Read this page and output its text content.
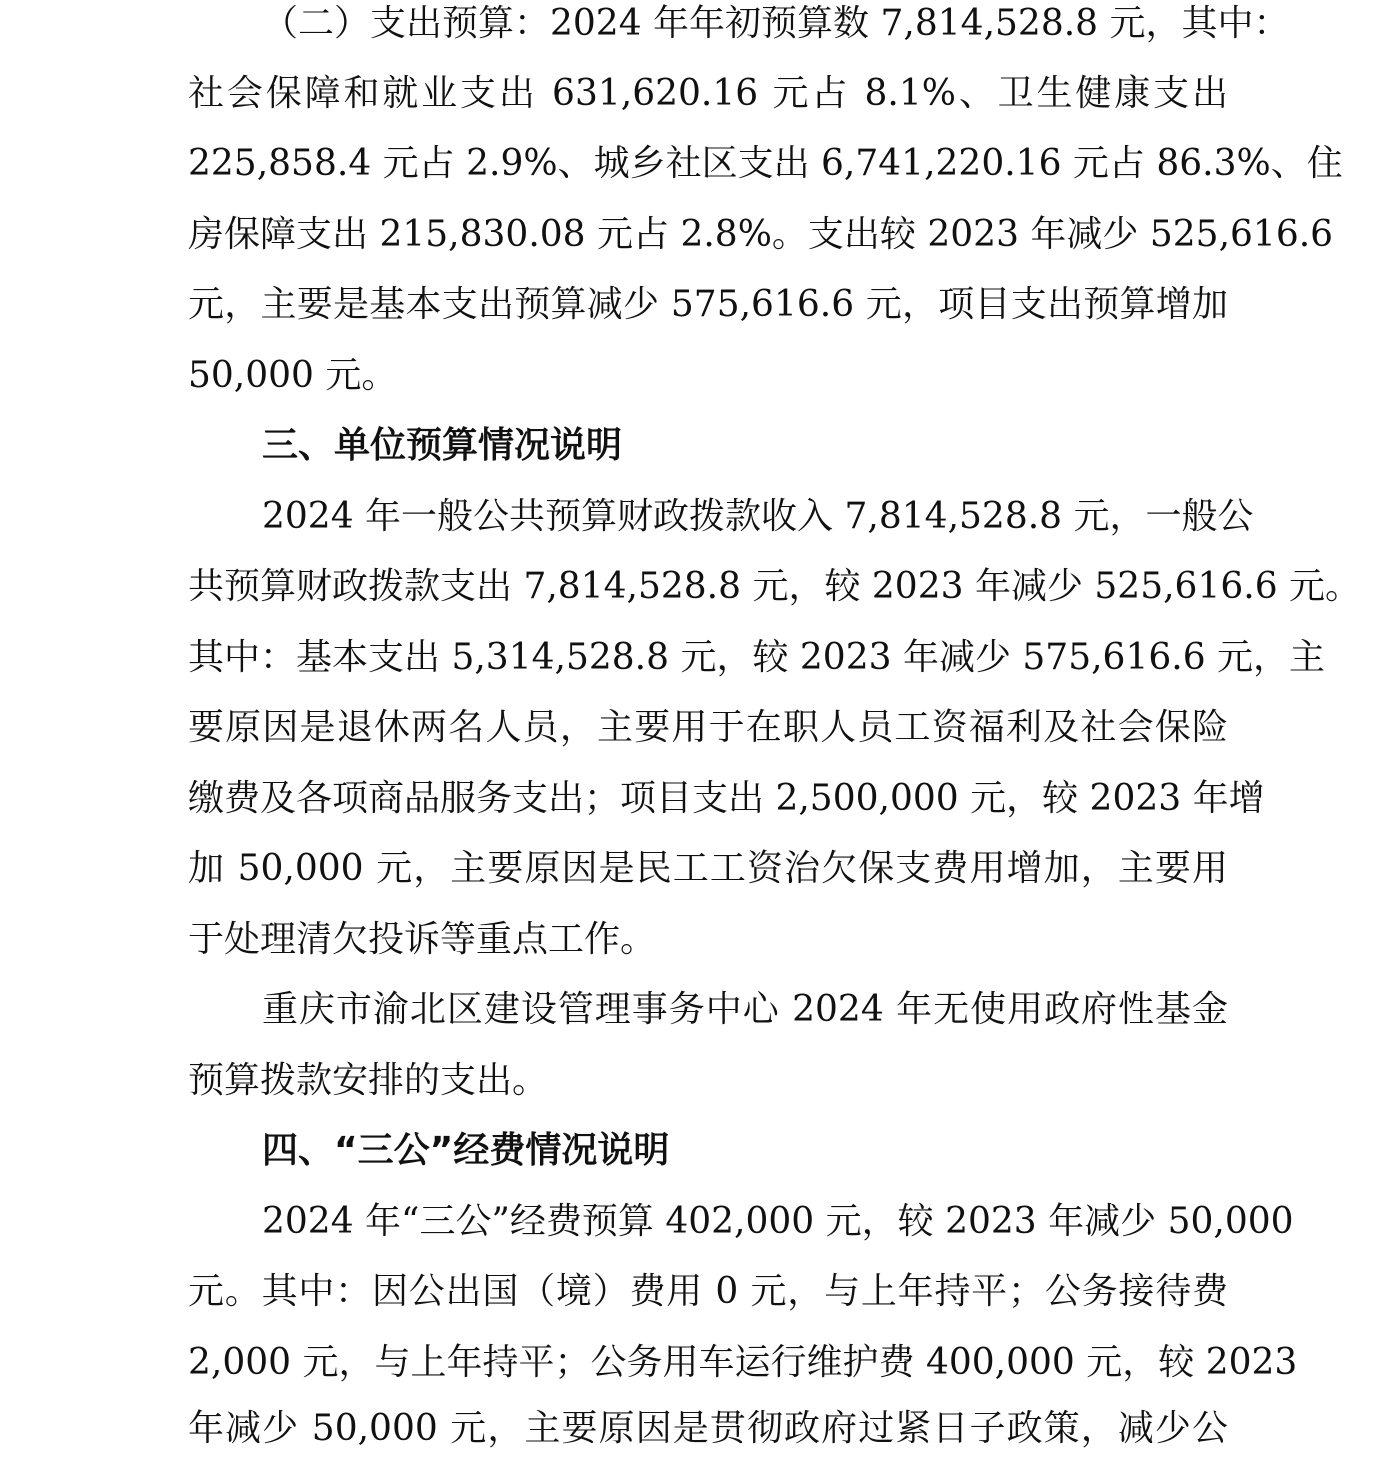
（二）支出预算：2024 年年初预算数 7,814,528.8 元，其中：
社会保障和就业支出 631,620.16 元占 8.1%、卫生健康支出
225,858.4 元占 2.9%、城乡社区支出 6,741,220.16 元占 86.3%、住
房保障支出 215,830.08 元占 2.8%。支出较 2023 年减少 525,616.6
元，主要是基本支出预算减少 575,616.6 元，项目支出预算增加
50,000 元。
三、单位预算情况说明
2024 年一般公共预算财政拨款收入 7,814,528.8 元，一般公
共预算财政拨款支出 7,814,528.8 元，较 2023 年减少 525,616.6 元。
其中：基本支出 5,314,528.8 元，较 2023 年减少 575,616.6 元，主
要原因是退休两名人员，主要用于在职人员工资福利及社会保险
缴费及各项商品服务支出；项目支出 2,500,000 元，较 2023 年增
加 50,000 元，主要原因是民工工资治欠保支费用增加，主要用
于处理清欠投诉等重点工作。
重庆市渝北区建设管理事务中心 2024 年无使用政府性基金
预算拨款安排的支出。
四、“三公”经费情况说明
2024 年“三公”经费预算 402,000 元，较 2023 年减少 50,000
元。其中：因公出国（境）费用 0 元，与上年持平；公务接待费
2,000 元，与上年持平；公务用车运行维护费 400,000 元，较 2023
年减少 50,000 元，主要原因是贯彻政府过紧日子政策，减少公
